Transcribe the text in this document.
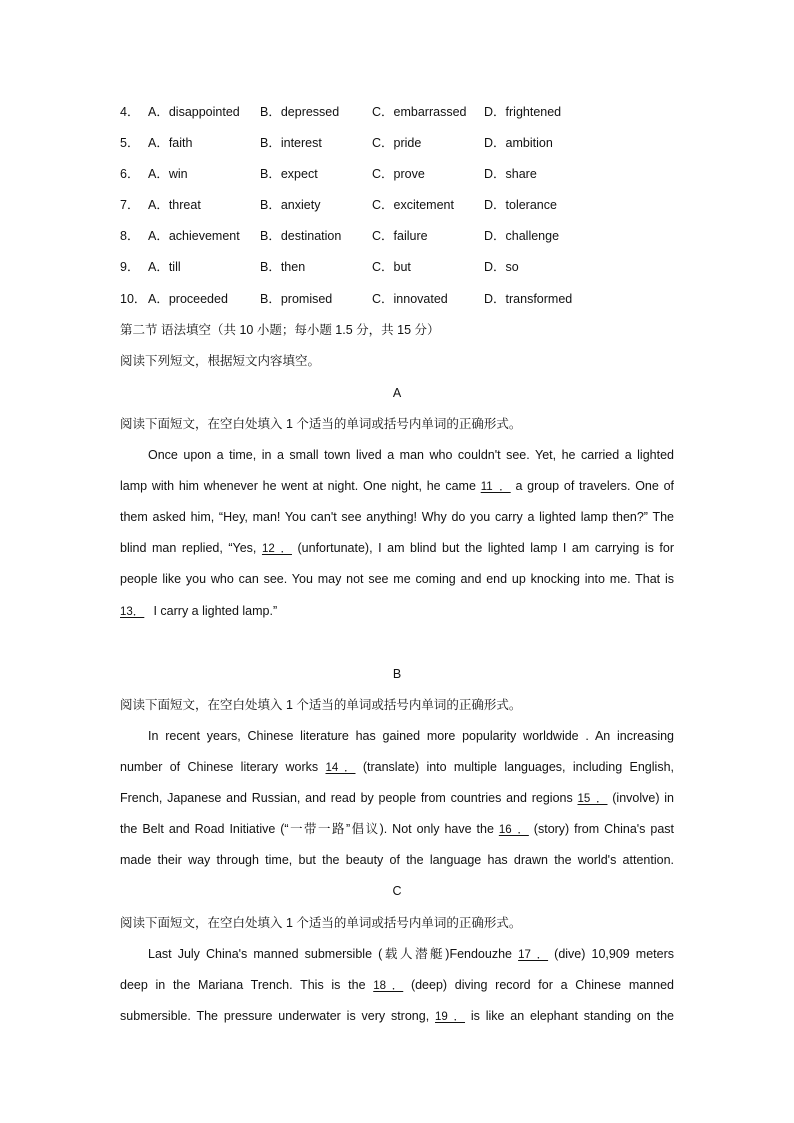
4． A．disappointed B．depressed	C．embarrassed D．frightened
5． A．faith	B．interest	C．pride	D．ambition
6． A．win	B．expect	C．prove	D．share
7． A．threat	B．anxiety	C．excitement D．tolerance
8． A．achievement B．destination C．failure	D．challenge
9． A．till	B．then	C．but	D．so
10． A．proceeded	B．promised	C．innovated	D．transformed
第二节 语法填空（共 10 小题；每小题 1.5 分，共 15 分）
阅读下列短文，根据短文内容填空。
A
阅读下面短文，在空白处填入 1 个适当的单词或括号内单词的正确形式。
Once upon a time, in a small town lived a man who couldn't see. Yet, he carried a lighted
lamp with him whenever he went at night. One night, he came 11． a group of travelers. One of
them asked him, “Hey, man! You can't see anything! Why do you carry a lighted lamp then?” The
blind man replied, “Yes, 12． (unfortunate), I am blind but the lighted lamp I am carrying is for
people like you who can see. You may not see me coming and end up knocking into me. That is
13． I carry a lighted lamp.”
B
阅读下面短文，在空白处填入 1 个适当的单词或括号内单词的正确形式。
In recent years, Chinese literature has gained more popularity worldwide . An increasing
number of Chinese literary works 14． (translate) into multiple languages, including English,
French, Japanese and Russian, and read by people from countries and regions 15． (involve) in
the Belt and Road Initiative (“一带一路”倡议). Not only have the 16． (story) from China's past
made their way through time, but the beauty of the language has drawn the world's attention.
C
阅读下面短文，在空白处填入 1 个适当的单词或括号内单词的正确形式。
Last July China's manned submersible (载人潜艇)Fendouzhe 17． (dive) 10,909 meters
deep in the Mariana Trench. This is the 18． (deep) diving record for a Chinese manned
submersible. The pressure underwater is very strong, 19． is like an elephant standing on the
